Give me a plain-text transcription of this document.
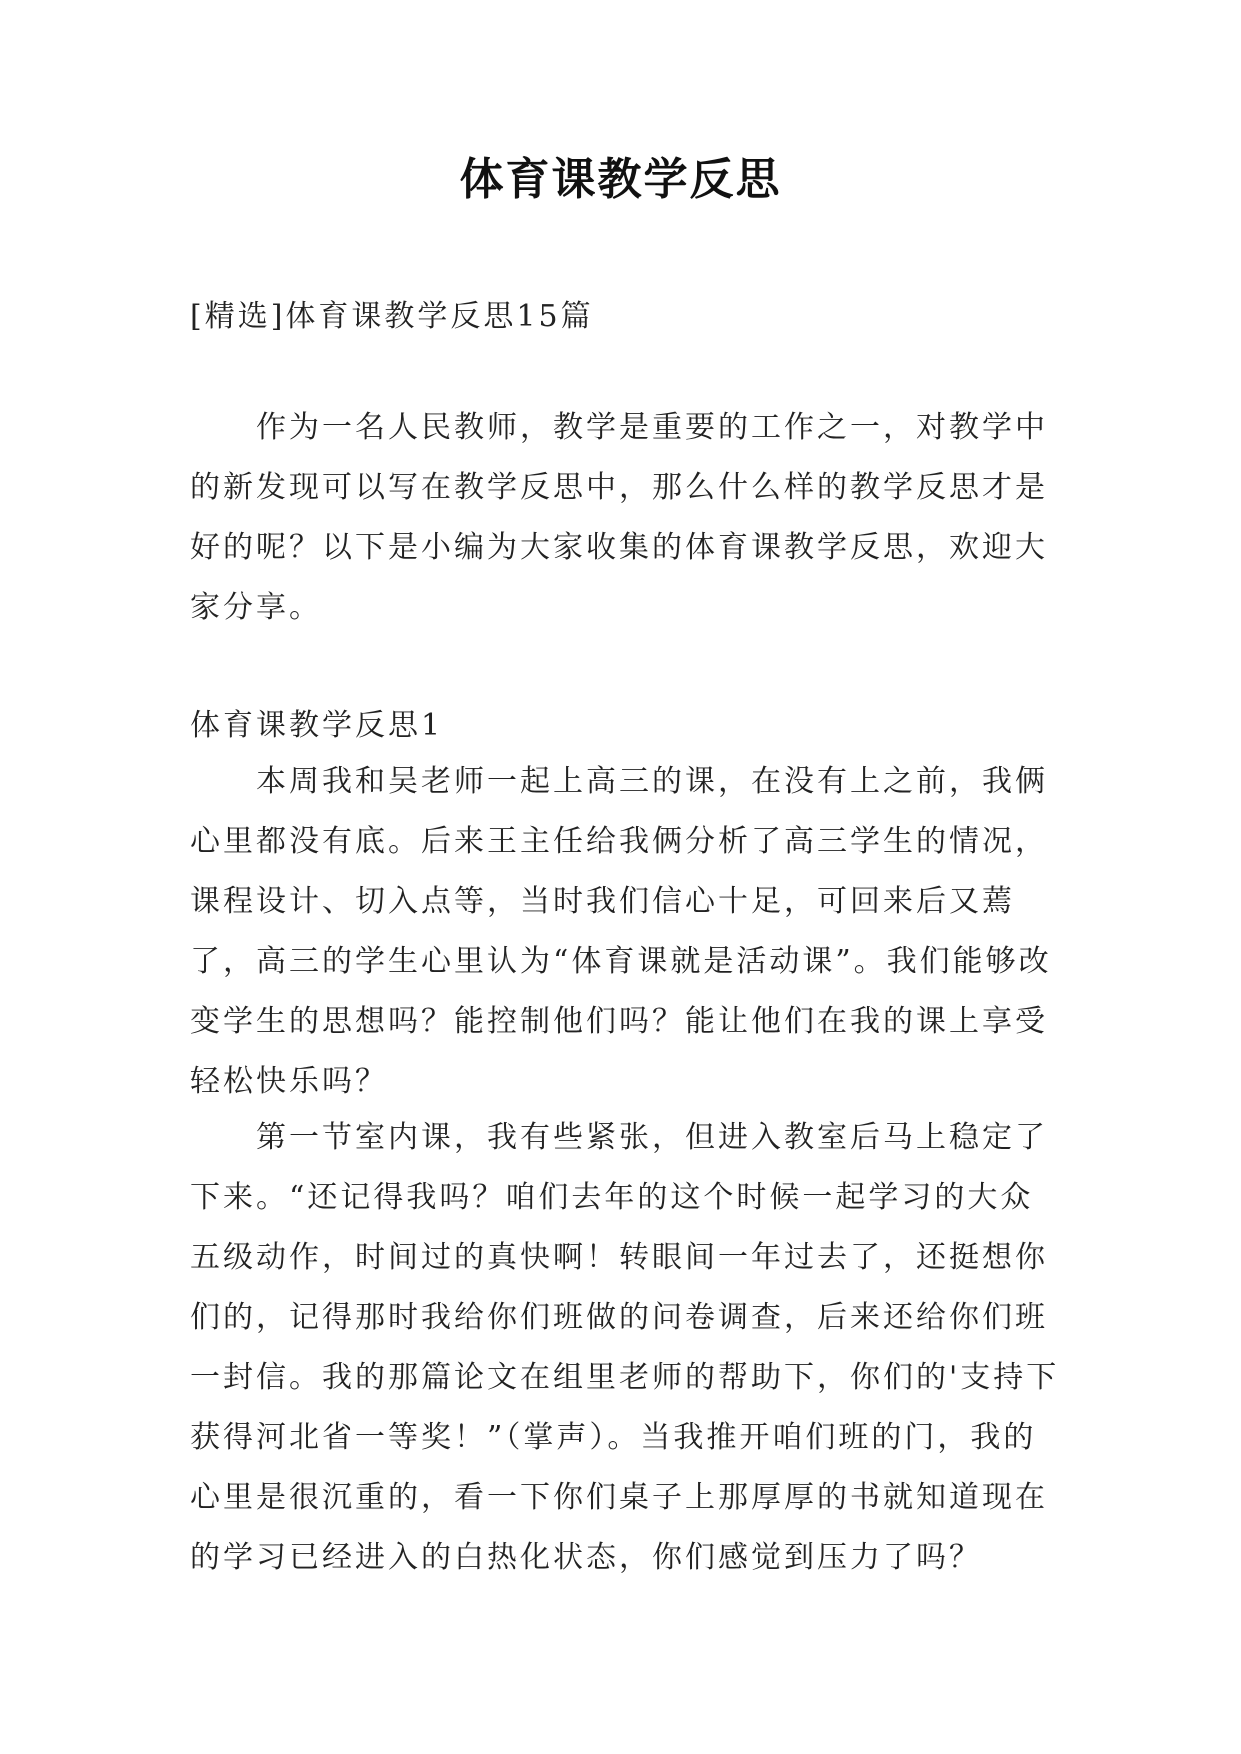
体育课教学反思

[精选]体育课教学反思15篇

作为一名人民教师，教学是重要的工作之一，对教学中的新发现可以写在教学反思中，那么什么样的教学反思才是好的呢？以下是小编为大家收集的体育课教学反思，欢迎大家分享。

体育课教学反思1

本周我和吴老师一起上高三的课，在没有上之前，我俩心里都没有底。后来王主任给我俩分析了高三学生的情况，课程设计、切入点等，当时我们信心十足，可回来后又蔫了，高三的学生心里认为“体育课就是活动课”。我们能够改变学生的思想吗？能控制他们吗？能让他们在我的课上享受轻松快乐吗？

第一节室内课，我有些紧张，但进入教室后马上稳定了下来。“还记得我吗？咱们去年的这个时候一起学习的大众五级动作，时间过的真快啊！转眼间一年过去了，还挺想你们的，记得那时我给你们班做的问卷调查，后来还给你们班一封信。我的那篇论文在组里老师的帮助下，你们的'支持下获得河北省一等奖！”（掌声）。当我推开咱们班的门，我的心里是很沉重的，看一下你们桌子上那厚厚的书就知道现在的学习已经进入的白热化状态，你们感觉到压力了吗？
